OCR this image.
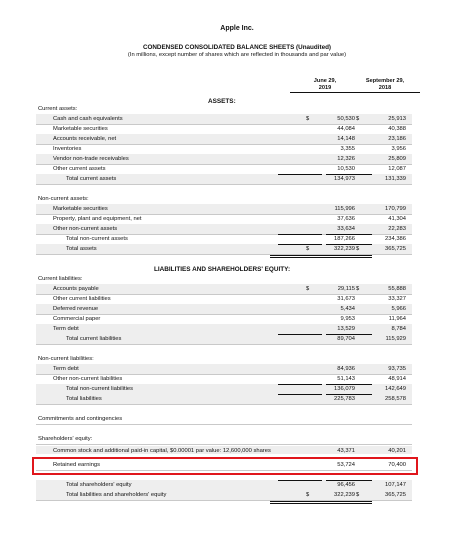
Apple Inc.
CONDENSED CONSOLIDATED BALANCE SHEETS (Unaudited)
(In millions, except number of shares which are reflected in thousands and par value)
June 29,

2019
September 29,

2018
ASSETS:
LIABILITIES AND SHAREHOLDERS' EQUITY:
Current assets:
Cash and cash equivalents	$	50,530 $	25,913
Marketable securities	44,084	40,388
Accounts receivable, net	14,148	23,186
Inventories	3,355	3,956
Vendor non-trade receivables	12,326	25,809
Other current assets	10,530	12,087
Total current assets	134,973	131,339
Non-current assets:
Marketable securities	115,996	170,799
Property, plant and equipment, net	37,636	41,304
Other non-current assets	33,634	22,283
Total non-current assets	187,266	234,386
Total assets	$	322,239 $	365,725
Current liabilities:
Accounts payable	$	29,115 $	55,888
Other current liabilities	31,673	33,327
Deferred revenue	5,434	5,966
Commercial paper	9,953	11,964
Term debt	13,529	8,784
Total current liabilities	89,704	115,929
Non-current liabilities:
Term debt	84,936	93,735
Other non-current liabilities	51,143	48,914
Total non-current liabilities	136,079	142,649
Total liabilities	225,783	258,578
Commitments and contingencies
Shareholders' equity:
Common stock and additional paid-in capital, $0.00001 par value: 12,600,000 shares	43,371	40,201
Retained earnings	53,724	70,400
Total shareholders' equity	96,456	107,147
Total liabilities and shareholders' equity	$	322,239 $	365,725
